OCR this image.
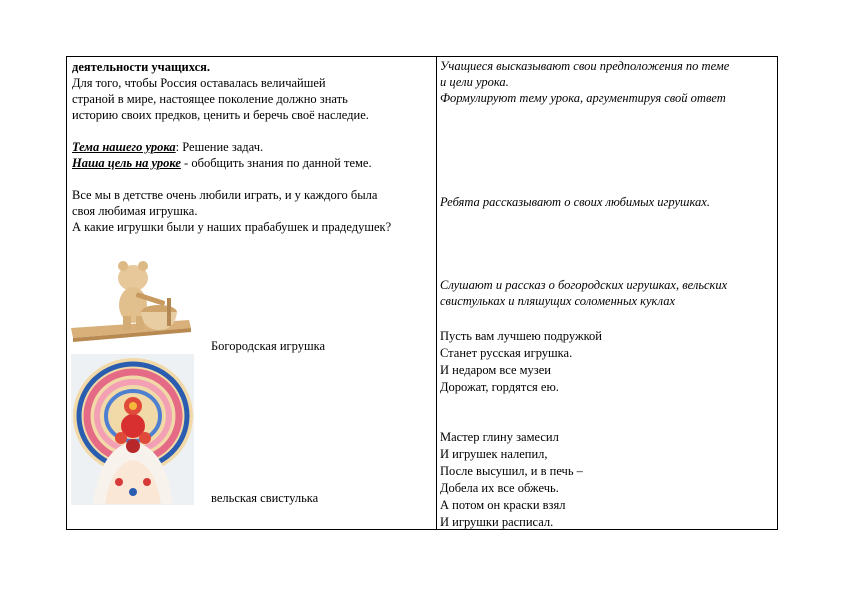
деятельности учащихся.
Для того, чтобы Россия оставалась величайшей
страной в мире, настоящее поколение должно знать
историю своих предков, ценить и беречь своё наследие.
Тема нашего урока: Решение задач.
Наша цель на уроке - обобщить знания по данной теме.
Все мы в детстве очень любили играть, и у каждого была
своя любимая игрушка.
А какие игрушки были у наших прабабушек и прадедушек?
Богородская игрушка
вельская свистулька
Учащиеся высказывают свои предположения по теме
и цели урока.
Формулируют тему урока, аргументируя свой ответ
Ребята рассказывают о своих любимых игрушках.
Слушают и рассказ о богородских игрушках, вельских
свистульках и пляшущих соломенных куклах
Пусть вам лучшею подружкой
Станет русская игрушка.
И недаром все музеи
Дорожат, гордятся ею.
Мастер глину замесил
И игрушек налепил,
После высушил, и в печь –
Добела их все обжечь.
А потом он краски взял
И игрушки расписал.
